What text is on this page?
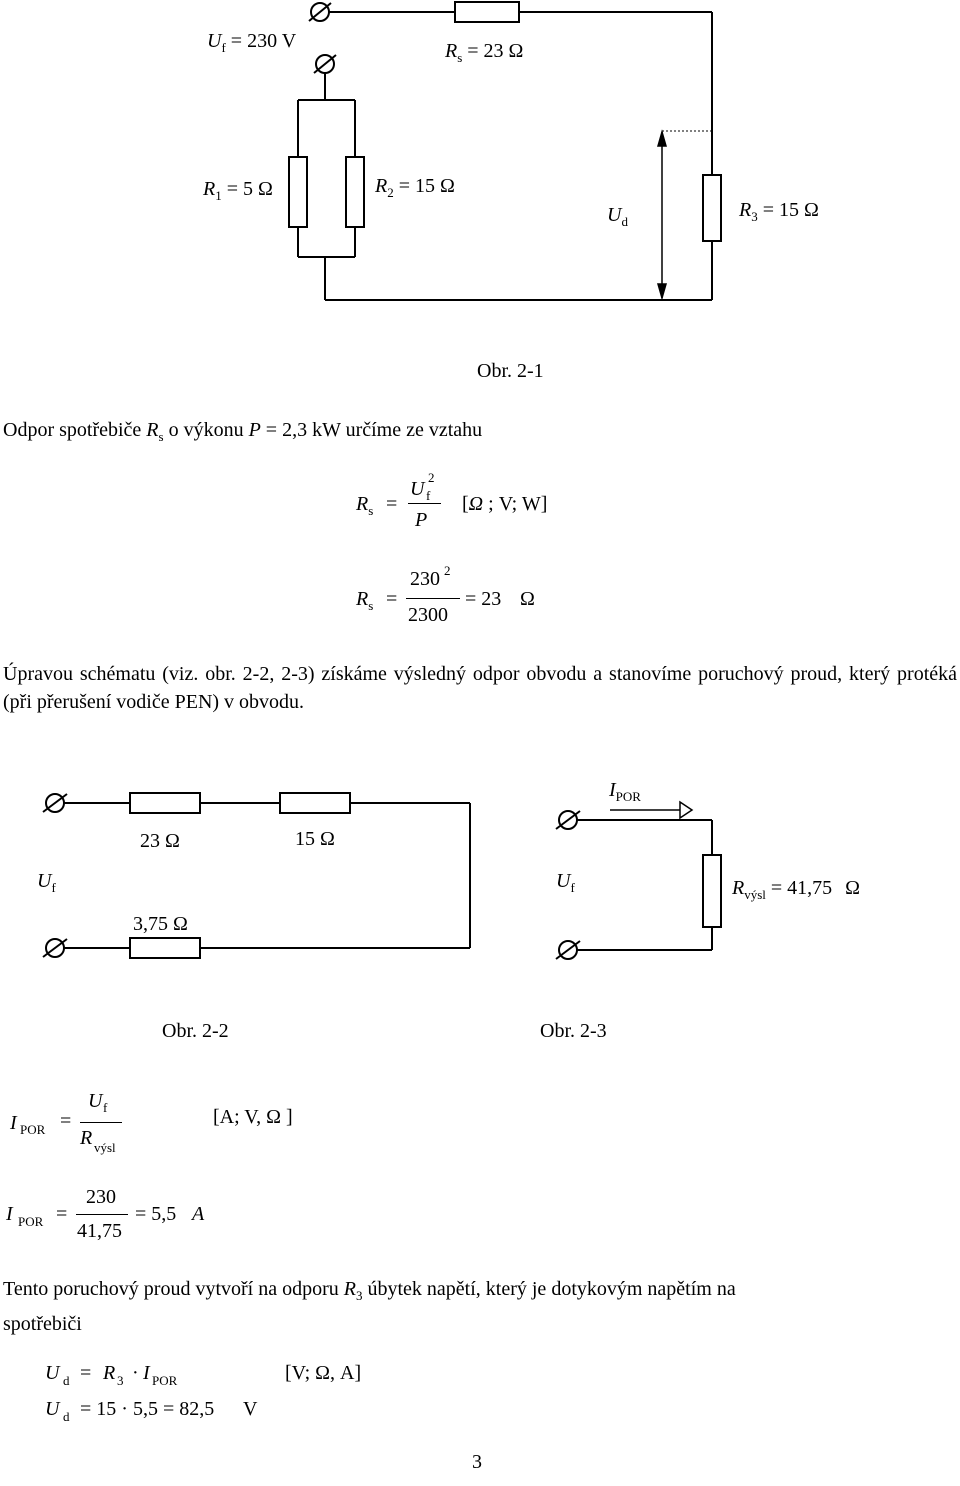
$U_f = 230$ V	$R_s = 23$ Ω
$R_1 = 5$ Ω	$R_2 = 15$ Ω
$U_d$
$R_3 = 15$ Ω
Obr. 2-1
Odpor spotřebiče $R_s$ o výkonu P = 2,3 kW určíme ze vztahu
$R_s$ =
U f
2
P
[Ω ; V; W]
$R_s$ =
230 2
2300
= 23 Ω
Úpravou schématu (viz. obr. 2-2, 2-3) získáme výsledný odpor obvodu a stanovíme poruchový proud, který protéká (při přerušení vodiče PEN) v obvodu.
23 Ω	15 Ω
3,75 Ω
$U_f$
Obr. 2-2
$I_{POR}$
$U_f$	$R_{výsl} = 41,75$ Ω
Obr. 2-3
I POR =
U f
R výsl
[A; V, Ω ]
I POR =
230
41,75
= 5,5 A
Tento poruchový proud vytvoří na odporu $R_3$ úbytek napětí, který je dotykovým napětím na
spotřebiči
U d = R 3 · I POR	[V; Ω, A]
U d = 15 · 5,5 = 82,5 V
3
